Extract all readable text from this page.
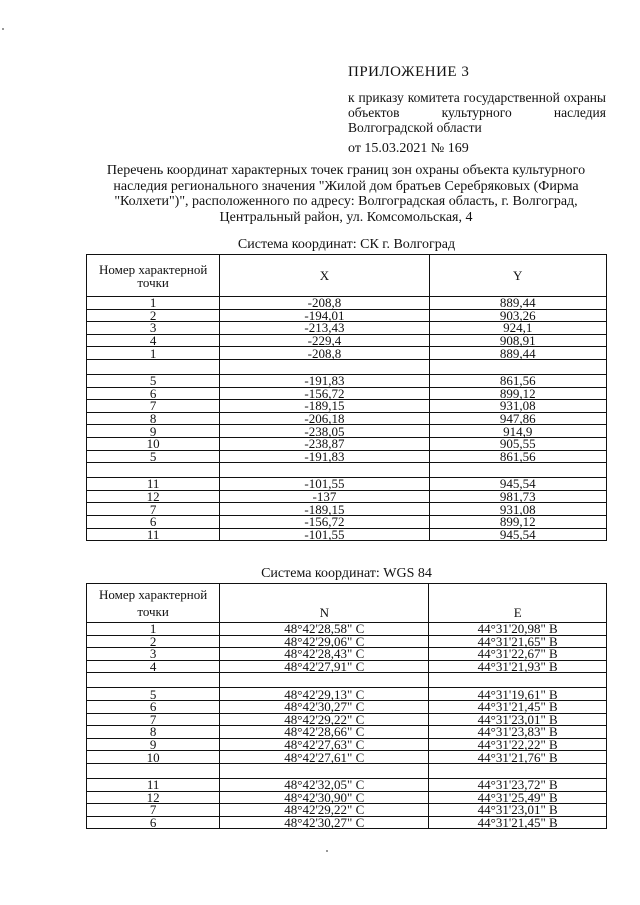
ПРИЛОЖЕНИЕ 3
к приказу комитета государственной охраны объектов культурного наследия Волгоградской области
от 15.03.2021 № 169
Перечень координат характерных точек границ зон охраны объекта культурного наследия регионального значения "Жилой дом братьев Серебряковых (Фирма "Колхети")", расположенного по адресу: Волгоградская область, г. Волгоград, Центральный район, ул. Комсомольская, 4
Система координат: СК г. Волгоград
Номер характерной точки	X	Y
1	-208,8	889,44
2	-194,01	903,26
3	-213,43	924,1
4	-229,4	908,91
1	-208,8	889,44

5	-191,83	861,56
6	-156,72	899,12
7	-189,15	931,08
8	-206,18	947,86
9	-238,05	914,9
10	-238,87	905,55
5	-191,83	861,56

11	-101,55	945,54
12	-137	981,73
7	-189,15	931,08
6	-156,72	899,12
11	-101,55	945,54
Система координат: WGS 84
Номер характерной точки	N	E
1	48°42'28,58" С	44°31'20,98" В
2	48°42'29,06" С	44°31'21,65" В
3	48°42'28,43" С	44°31'22,67" В
4	48°42'27,91" С	44°31'21,93" В

5	48°42'29,13" С	44°31'19,61" В
6	48°42'30,27" С	44°31'21,45" В
7	48°42'29,22" С	44°31'23,01" В
8	48°42'28,66" С	44°31'23,83" В
9	48°42'27,63" С	44°31'22,22" В
10	48°42'27,61" С	44°31'21,76" В

11	48°42'32,05" С	44°31'23,72" В
12	48°42'30,90" С	44°31'25,49" В
7	48°42'29,22" С	44°31'23,01" В
6	48°42'30,27" С	44°31'21,45" В
